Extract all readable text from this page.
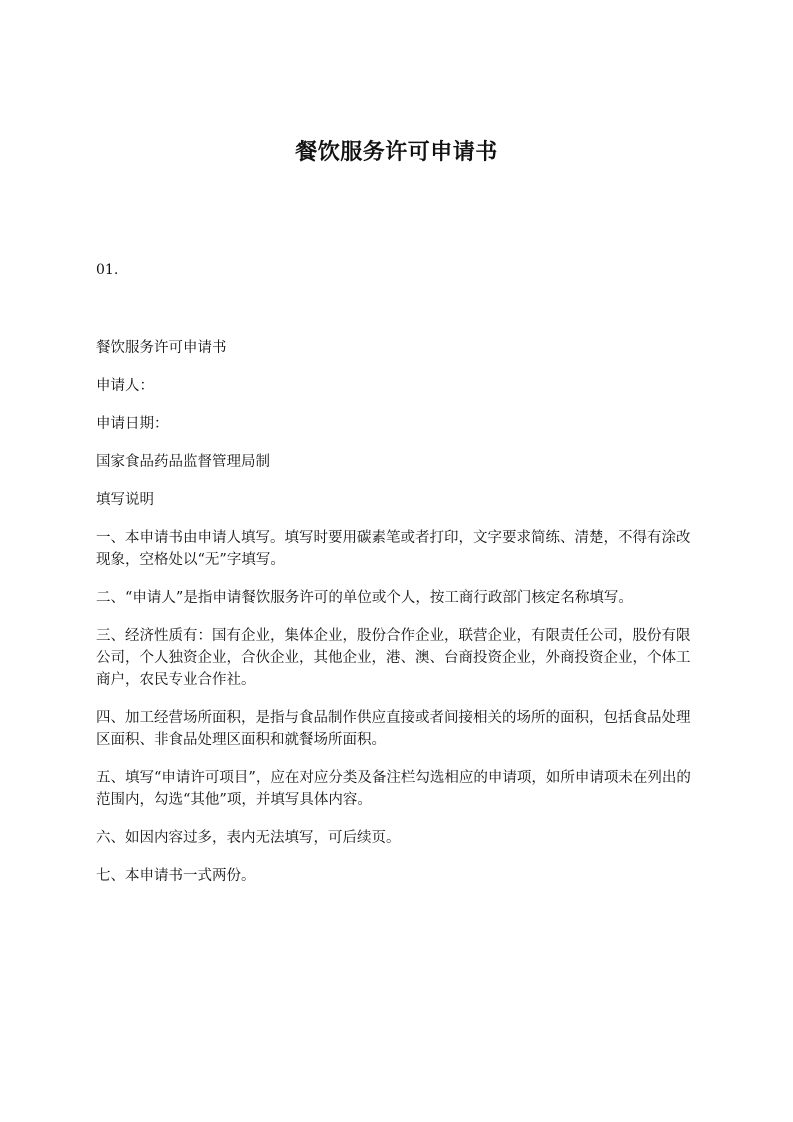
餐饮服务许可申请书
01.

餐饮服务许可申请书

申请人：

申请日期：

国家食品药品监督管理局制

填写说明

一、本申请书由申请人填写。填写时要用碳素笔或者打印，文字要求简练、清楚，不得有涂改现象，空格处以“无”字填写。

二、“申请人”是指申请餐饮服务许可的单位或个人，按工商行政部门核定名称填写。

三、经济性质有：国有企业，集体企业，股份合作企业，联营企业，有限责任公司，股份有限公司，个人独资企业，合伙企业，其他企业，港、澳、台商投资企业，外商投资企业，个体工商户，农民专业合作社。

四、加工经营场所面积，是指与食品制作供应直接或者间接相关的场所的面积，包括食品处理区面积、非食品处理区面积和就餐场所面积。

五、填写“申请许可项目”，应在对应分类及备注栏勾选相应的申请项，如所申请项未在列出的范围内，勾选“其他”项，并填写具体内容。

六、如因内容过多，表内无法填写，可后续页。

七、本申请书一式两份。
